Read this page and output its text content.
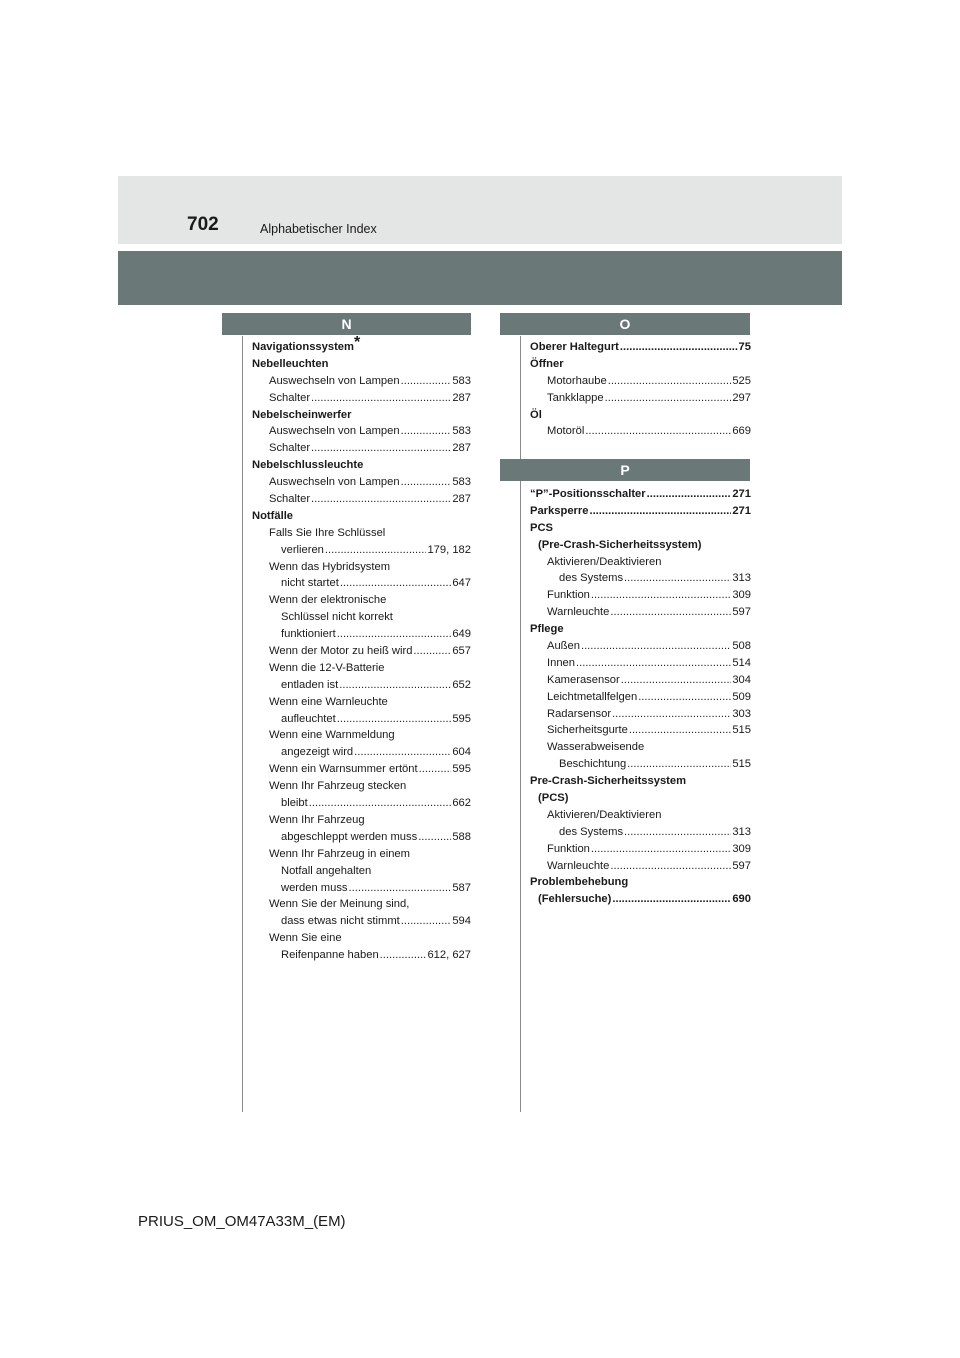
702	Alphabetischer Index
N	O
P
Navigationssystem*
Nebelleuchten
Auswechseln von Lampen .....	583
Schalter .....	287
Nebelscheinwerfer
Auswechseln von Lampen .....	583
Schalter .....	287
Nebelschlussleuchte
Auswechseln von Lampen .....	583
Schalter .....	287
Notfälle
Falls Sie Ihre Schlüssel
verlieren .....	179, 182
Wenn das Hybridsystem
nicht startet .....	647
Wenn der elektronische
Schlüssel nicht korrekt
funktioniert .....	649
Wenn der Motor zu heiß wird .....	657
Wenn die 12-V-Batterie
entladen ist .....	652
Wenn eine Warnleuchte
aufleuchtet .....	595
Wenn eine Warnmeldung
angezeigt wird .....	604
Wenn ein Warnsummer ertönt .....	595
Wenn Ihr Fahrzeug stecken
bleibt .....	662
Wenn Ihr Fahrzeug
abgeschleppt werden muss .....	588
Wenn Ihr Fahrzeug in einem
Notfall angehalten
werden muss .....	587
Wenn Sie der Meinung sind,
dass etwas nicht stimmt .....	594
Wenn Sie eine
Reifenpanne haben .....	612, 627
Oberer Haltegurt .....	75
Öffner
Motorhaube .....	525
Tankklappe .....	297
Öl
Motoröl .....	669
“P”-Positionsschalter .....	271
Parksperre .....	271
PCS
(Pre-Crash-Sicherheitssystem)
Aktivieren/Deaktivieren
des Systems .....	313
Funktion .....	309
Warnleuchte .....	597
Pflege
Außen .....	508
Innen .....	514
Kamerasensor .....	304
Leichtmetallfelgen .....	509
Radarsensor .....	303
Sicherheitsgurte .....	515
Wasserabweisende
Beschichtung .....	515
Pre-Crash-Sicherheitssystem
(PCS)
Aktivieren/Deaktivieren
des Systems .....	313
Funktion .....	309
Warnleuchte .....	597
Problembehebung
(Fehlersuche) .....	690
PRIUS_OM_OM47A33M_(EM)
